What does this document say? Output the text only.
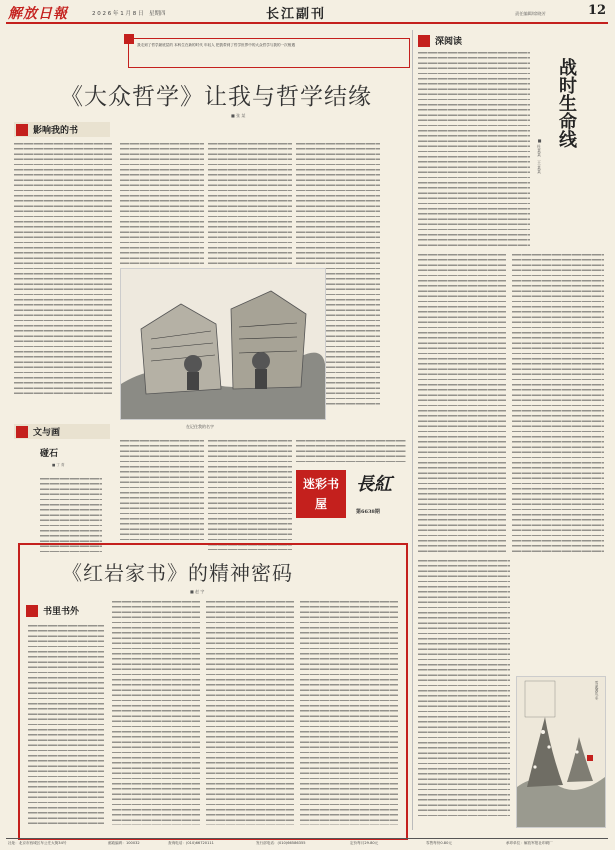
解放日報	2 0 2 6 年 1 月 8 日　星期四	长江副刊	责任编辑/席晓芳	12
我走到了哲学最底层的 本科生在新的时代 年轻人 把我带到了哲学世界中的大众哲学与我的一次相遇
《大众哲学》让我与哲学结缘
■ 张 某
影响我的书
文与画
碰石
■ 丁 青
在记住我的名字
迷彩书屋
長紅
第6638期
《红岩家书》的精神密码
■ 赵 宇
书里书外
深阅读
战时生命线
■ 杜某某　王 某某
雪泥鸿爪·冬
社址：北京市西城区车公庄大街34号	邮政编码：100032	查询电话：(010)66720111	发行部电话：(010)66586355	定价每月29.80元	零售每份0.80元	承印单位：解放军报社印刷厂
